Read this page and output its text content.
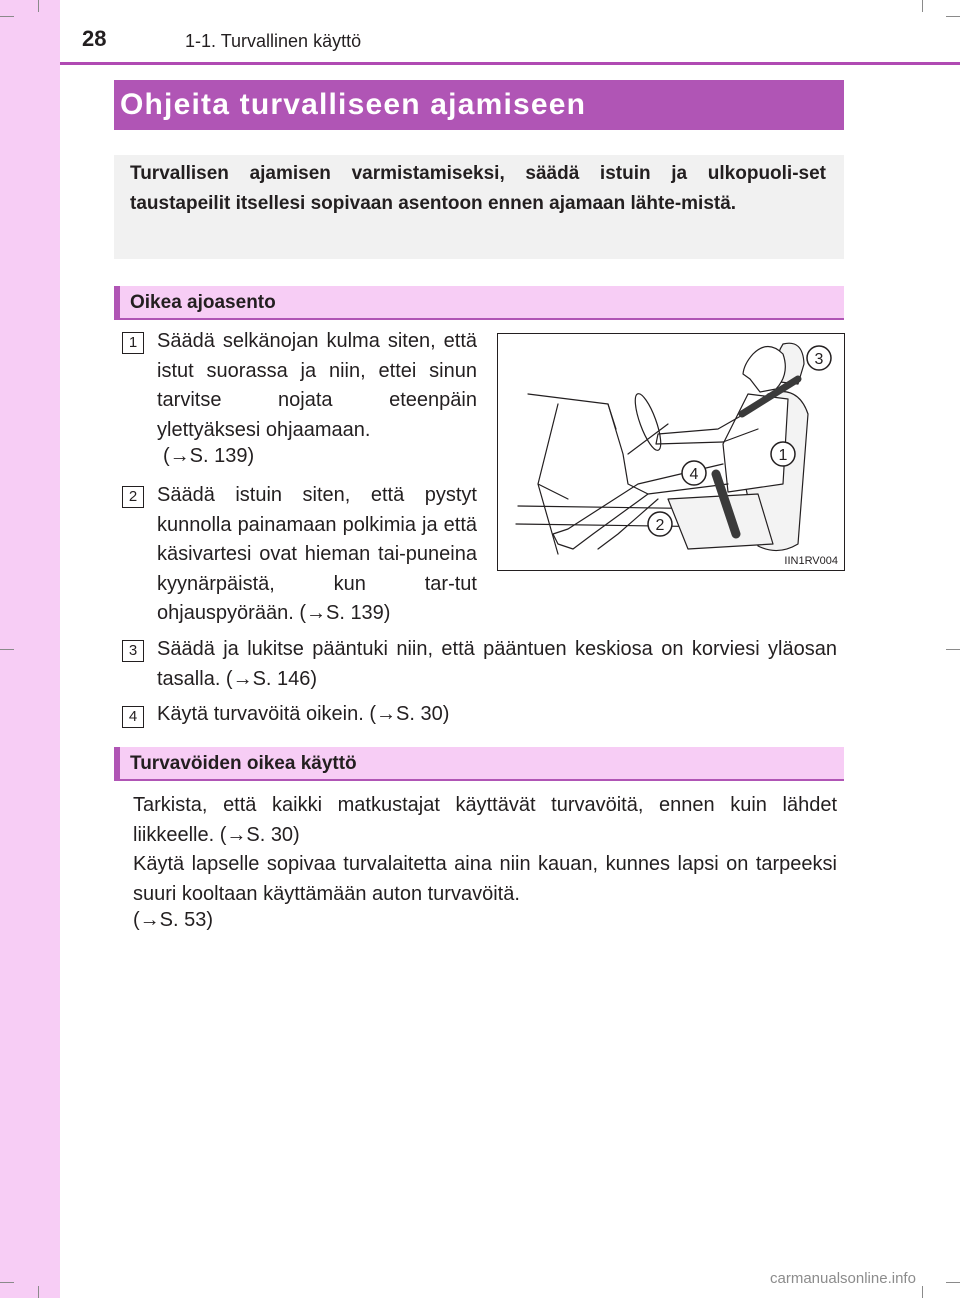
28	1-1. Turvallinen käyttö
Ohjeita turvalliseen ajamiseen
Turvallisen ajamisen varmistamiseksi, säädä istuin ja ulkopuoli-set taustapeilit itsellesi sopivaan asentoon ennen ajamaan lähte-mistä.
Oikea ajoasento
1 Säädä selkänojan kulma siten, että istut suorassa ja niin, ettei sinun tarvitse nojata eteenpäin ylettyäksesi ohjaamaan.
(→S. 139)
2 Säädä istuin siten, että pystyt kunnolla painamaan polkimia ja että käsivartesi ovat hieman tai-puneina kyynärpäistä, kun tar-tut ohjauspyörään. (→S. 139)
3
1
4
2
IIN1RV004
3 Säädä ja lukitse pääntuki niin, että pääntuen keskiosa on korviesi yläosan tasalla. (→S. 146)
4 Käytä turvavöitä oikein. (→S. 30)
Turvavöiden oikea käyttö
Tarkista, että kaikki matkustajat käyttävät turvavöitä, ennen kuin lähdet liikkeelle. (→S. 30)
Käytä lapselle sopivaa turvalaitetta aina niin kauan, kunnes lapsi on tarpeeksi suuri kooltaan käyttämään auton turvavöitä.
(→S. 53)
carmanualsonline.info
